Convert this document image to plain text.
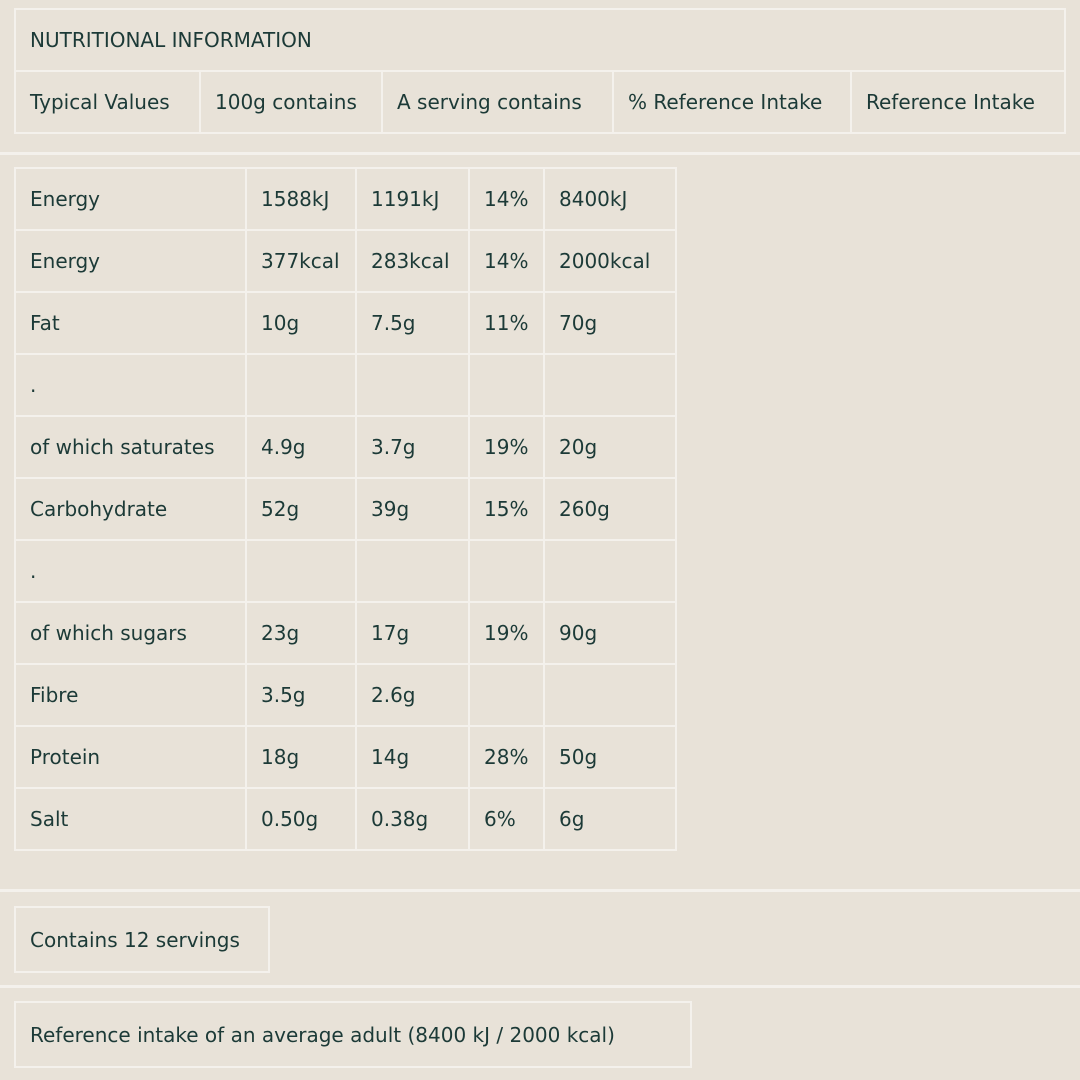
NUTRITIONAL INFORMATION
Typical Values	100g contains	A serving contains	% Reference Intake	Reference Intake
Energy	1588kJ	1191kJ	14%	8400kJ
Energy	377kcal	283kcal	14%	2000kcal
Fat	10g	7.5g	11%	70g
.				
of which saturates	4.9g	3.7g	19%	20g
Carbohydrate	52g	39g	15%	260g
.				
of which sugars	23g	17g	19%	90g
Fibre	3.5g	2.6g		
Protein	18g	14g	28%	50g
Salt	0.50g	0.38g	6%	6g
Contains 12 servings
Reference intake of an average adult (8400 kJ / 2000 kcal)
